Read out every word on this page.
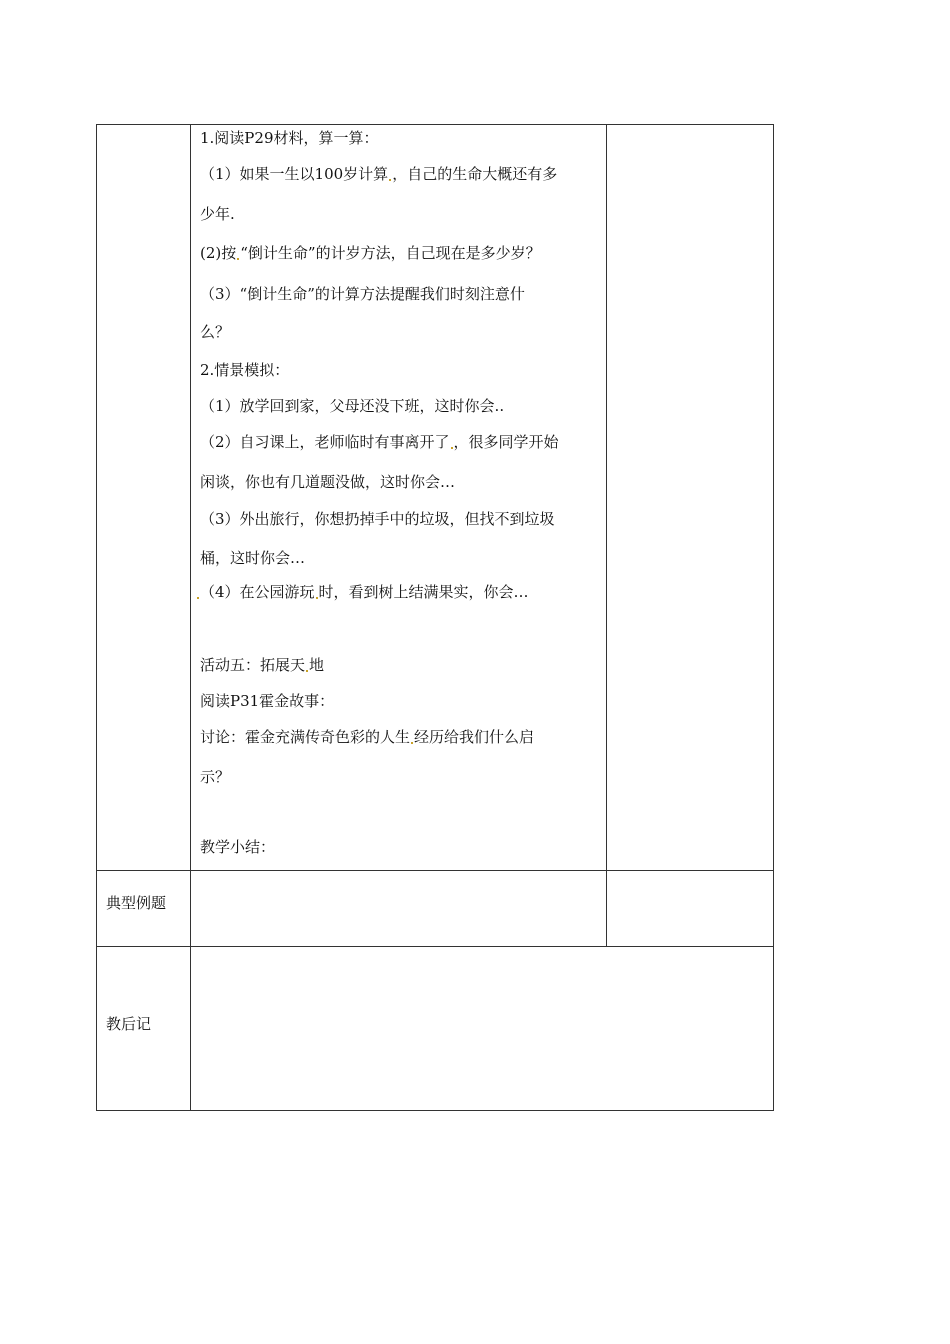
1.阅读P29材料，算一算：
（1）如果一生以100岁计算 ，自己的生命大概还有多
少年.
(2)按 “倒计生命”的计岁方法，自己现在是多少岁？
（3）“倒计生命”的计算方法提醒我们时刻注意什
么？
2.情景模拟：
（1）放学回到家，父母还没下班，这时你会..
（2）自习课上，老师临时有事离开了 ，很多同学开始
闲谈，你也有几道题没做，这时你会…
（3）外出旅行，你想扔掉手中的垃圾，但找不到垃圾
桶，这时你会…
（4）在公园游玩 时，看到树上结满果实，你会…
活动五：拓展天 地
阅读P31霍金故事：
讨论：霍金充满传奇色彩的人生 经历给我们什么启
示？
教学小结：
典型例题
教后记
